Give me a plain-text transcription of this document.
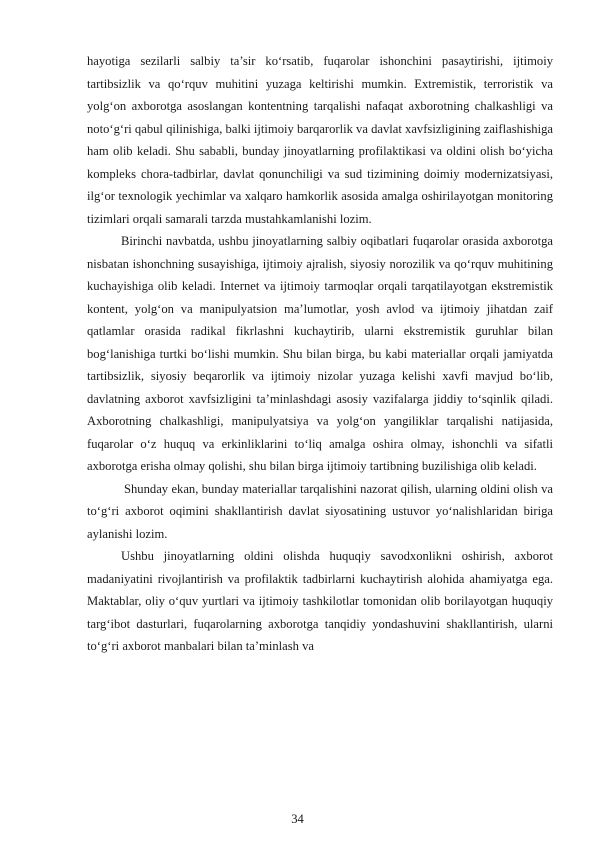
hayotiga sezilarli salbiy ta’sir ko‘rsatib, fuqarolar ishonchini pasaytirishi, ijtimoiy tartibsizlik va qo‘rquv muhitini yuzaga keltirishi mumkin. Extremistik, terroristik va yolg‘on axborotga asoslangan kontentning tarqalishi nafaqat axborotning chalkashligi va noto‘g‘ri qabul qilinishiga, balki ijtimoiy barqarorlik va davlat xavfsizligining zaiflashishiga ham olib keladi. Shu sababli, bunday jinoyatlarning profilaktikasi va oldini olish bo‘yicha kompleks chora-tadbirlar, davlat qonunchiligi va sud tizimining doimiy modernizatsiyasi, ilg‘or texnologik yechimlar va xalqaro hamkorlik asosida amalga oshirilayotgan monitoring tizimlari orqali samarali tarzda mustahkamlanishi lozim.

Birinchi navbatda, ushbu jinoyatlarning salbiy oqibatlari fuqarolar orasida axborotga nisbatan ishonchning susayishiga, ijtimoiy ajralish, siyosiy norozilik va qo‘rquv muhitining kuchayishiga olib keladi. Internet va ijtimoiy tarmoqlar orqali tarqatilayotgan ekstremistik kontent, yolg‘on va manipulyatsion ma’lumotlar, yosh avlod va ijtimoiy jihatdan zaif qatlamlar orasida radikal fikrlashni kuchaytirib, ularni ekstremistik guruhlar bilan bog‘lanishiga turtki bo‘lishi mumkin. Shu bilan birga, bu kabi materiallar orqali jamiyatda tartibsizlik, siyosiy beqarorlik va ijtimoiy nizolar yuzaga kelishi xavfi mavjud bo‘lib, davlatning axborot xavfsizligini ta’minlashdagi asosiy vazifalarga jiddiy to‘sqinlik qiladi. Axborotning chalkashligi, manipulyatsiya va yolg‘on yangiliklar tarqalishi natijasida, fuqarolar o‘z huquq va erkinliklarini to‘liq amalga oshira olmay, ishonchli va sifatli axborotga erisha olmay qolishi, shu bilan birga ijtimoiy tartibning buzilishiga olib keladi.

Shunday ekan, bunday materiallar tarqalishini nazorat qilish, ularning oldini olish va to‘g‘ri axborot oqimini shakllantirish davlat siyosatining ustuvor yo‘nalishlaridan biriga aylanishi lozim.

Ushbu jinoyatlarning oldini olishda huquqiy savodxonlikni oshirish, axborot madaniyatini rivojlantirish va profilaktik tadbirlarni kuchaytirish alohida ahamiyatga ega. Maktablar, oliy o‘quv yurtlari va ijtimoiy tashkilotlar tomonidan olib borilayotgan huquqiy targ‘ibot dasturlari, fuqarolarning axborotga tanqidiy yondashuvini shakllantirish, ularni to‘g‘ri axborot manbalari bilan ta’minlash va

34
